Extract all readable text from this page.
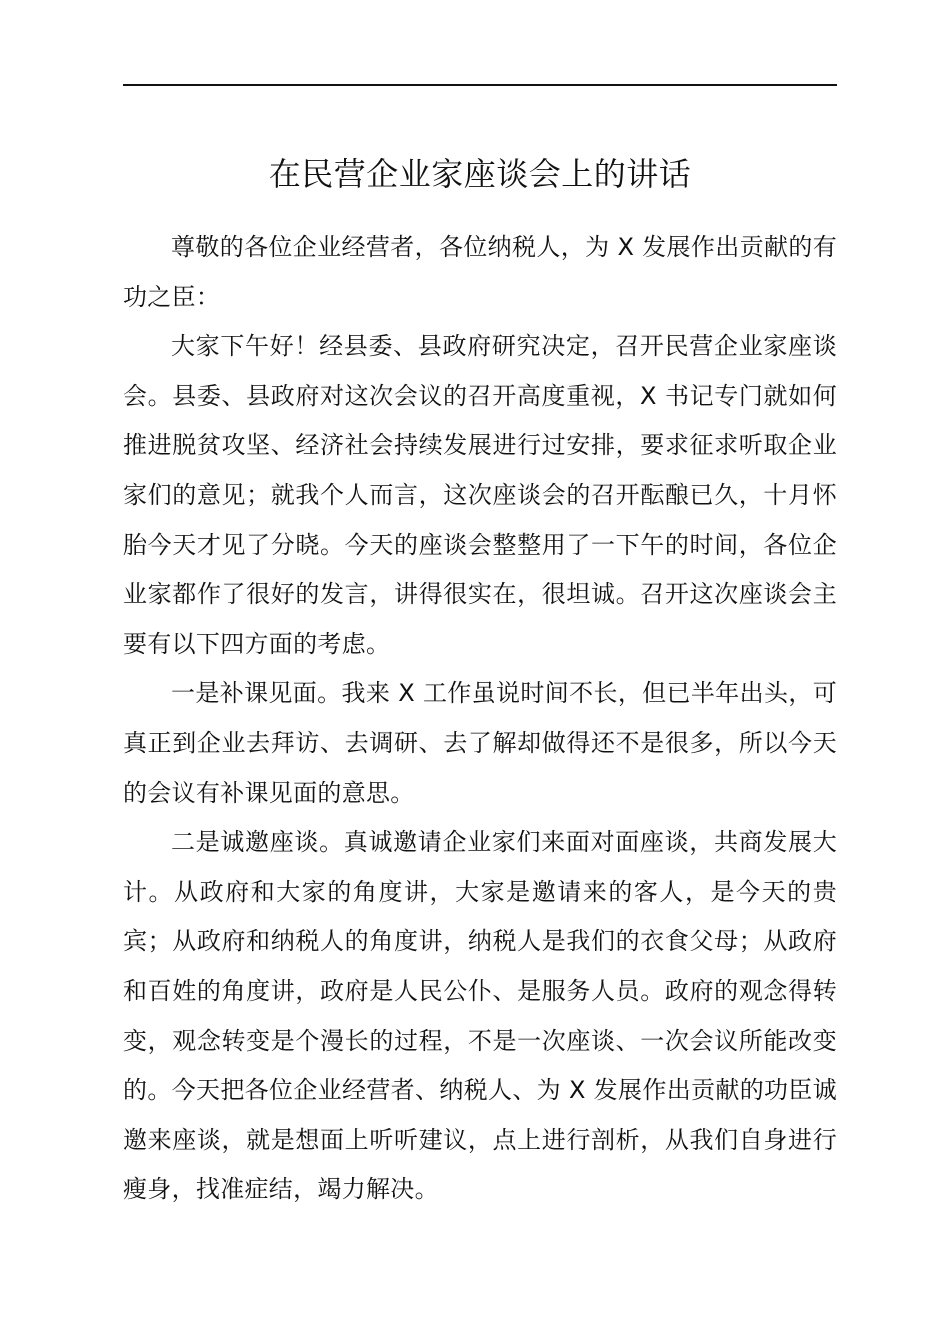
在民营企业家座谈会上的讲话

尊敬的各位企业经营者，各位纳税人，为 X 发展作出贡献的有功之臣：

大家下午好！经县委、县政府研究决定，召开民营企业家座谈会。县委、县政府对这次会议的召开高度重视，X 书记专门就如何推进脱贫攻坚、经济社会持续发展进行过安排，要求征求听取企业家们的意见；就我个人而言，这次座谈会的召开酝酿已久，十月怀胎今天才见了分晓。今天的座谈会整整用了一下午的时间，各位企业家都作了很好的发言，讲得很实在，很坦诚。召开这次座谈会主要有以下四方面的考虑。

一是补课见面。我来 X 工作虽说时间不长，但已半年出头，可真正到企业去拜访、去调研、去了解却做得还不是很多，所以今天的会议有补课见面的意思。

二是诚邀座谈。真诚邀请企业家们来面对面座谈，共商发展大计。从政府和大家的角度讲，大家是邀请来的客人，是今天的贵宾；从政府和纳税人的角度讲，纳税人是我们的衣食父母；从政府和百姓的角度讲，政府是人民公仆、是服务人员。政府的观念得转变，观念转变是个漫长的过程，不是一次座谈、一次会议所能改变的。今天把各位企业经营者、纳税人、为 X 发展作出贡献的功臣诚邀来座谈，就是想面上听听建议，点上进行剖析，从我们自身进行瘦身，找准症结，竭力解决。
